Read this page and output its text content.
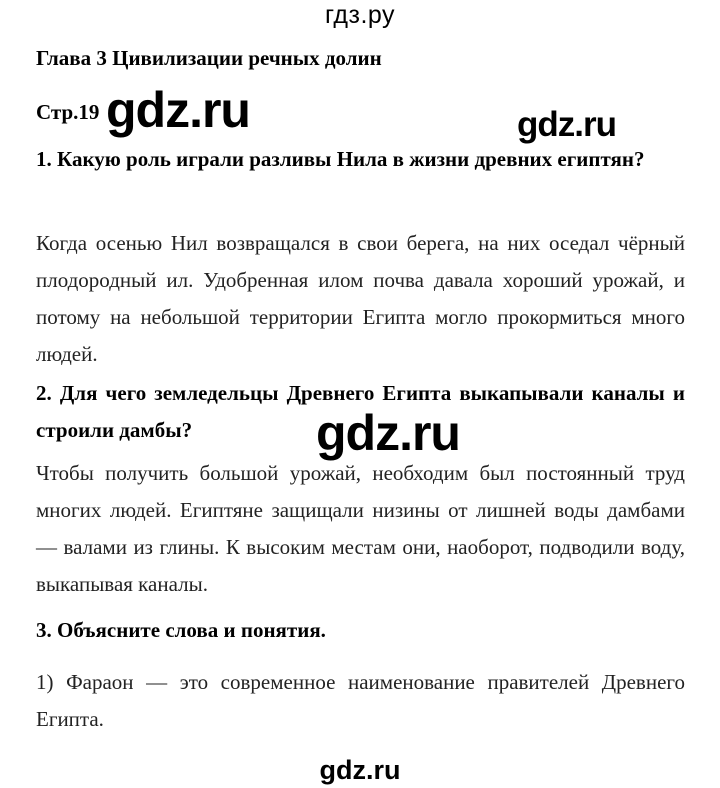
гдз.ру
Глава 3 Цивилизации речных долин
Стр.19 gdz.ru	gdz.ru
1. Какую роль играли разливы Нила в жизни древних египтян?
Когда осенью Нил возвращался в свои берега, на них оседал чёрный плодородный ил. Удобренная илом почва давала хороший урожай, и потому на небольшой территории Египта могло прокормиться много людей.
2. Для чего земледельцы Древнего Египта выкапывали каналы и строили дамбы?	gdz.ru
Чтобы получить большой урожай, необходим был постоянный труд многих людей. Египтяне защищали низины от лишней воды дамбами — валами из глины. К высоким местам они, наоборот, подводили воду, выкапывая каналы.
3. Объясните слова и понятия.
1) Фараон — это современное наименование правителей Древнего Египта.
gdz.ru
